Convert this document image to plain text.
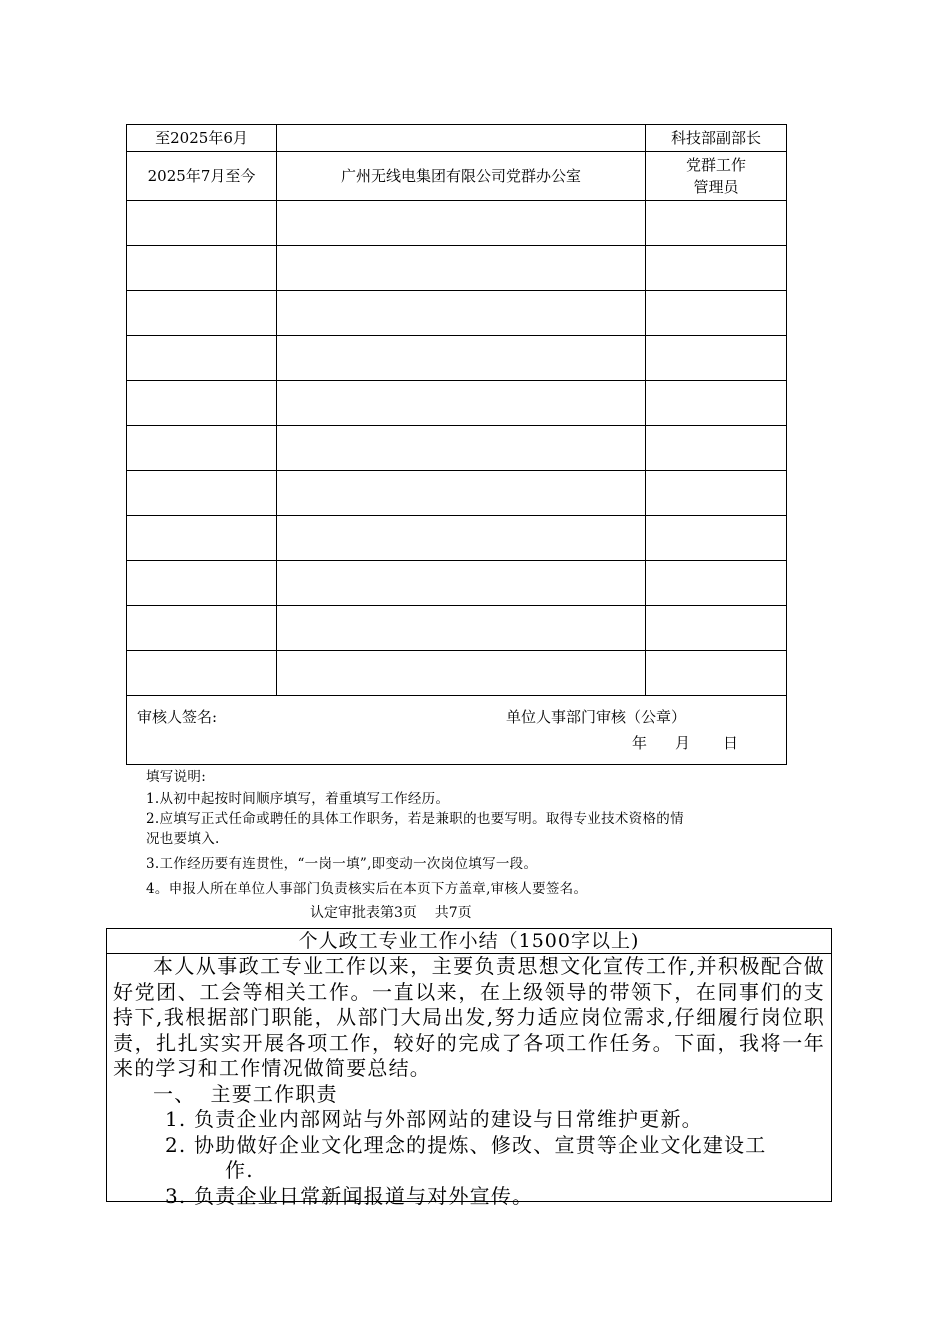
至2025年6月		科技部副部长
2025年7月至今	广州无线电集团有限公司党群办公室	党群工作
管理员

审核人签名: 单位人事部门审核（公章）
年 月 日		
填写说明:
1.从初中起按时间顺序填写，着重填写工作经历。
2.应填写正式任命或聘任的具体工作职务，若是兼职的也要写明。取得专业技术资格的情
况也要填入.
3.工作经历要有连贯性，“一岗一填”,即变动一次岗位填写一段。
4。申报人所在单位人事部门负责核实后在本页下方盖章,审核人要签名。
认定审批表第3页    共7页
个人政工专业工作小结（1500字以上)

本人从事政工专业工作以来，主要负责思想文化宣传工作,并积极配合做好党团、工会等相关工作。一直以来，在上级领导的带领下，在同事们的支持下,我根据部门职能，从部门大局出发,努力适应岗位需求,仔细履行岗位职责，扎扎实实开展各项工作，较好的完成了各项工作任务。下面，我将一年来的学习和工作情况做简要总结。

一、  主要工作职责

1. 负责企业内部网站与外部网站的建设与日常维护更新。

2. 协助做好企业文化理念的提炼、修改、宣贯等企业文化建设工

作.

3. 负责企业日常新闻报道与对外宣传。
